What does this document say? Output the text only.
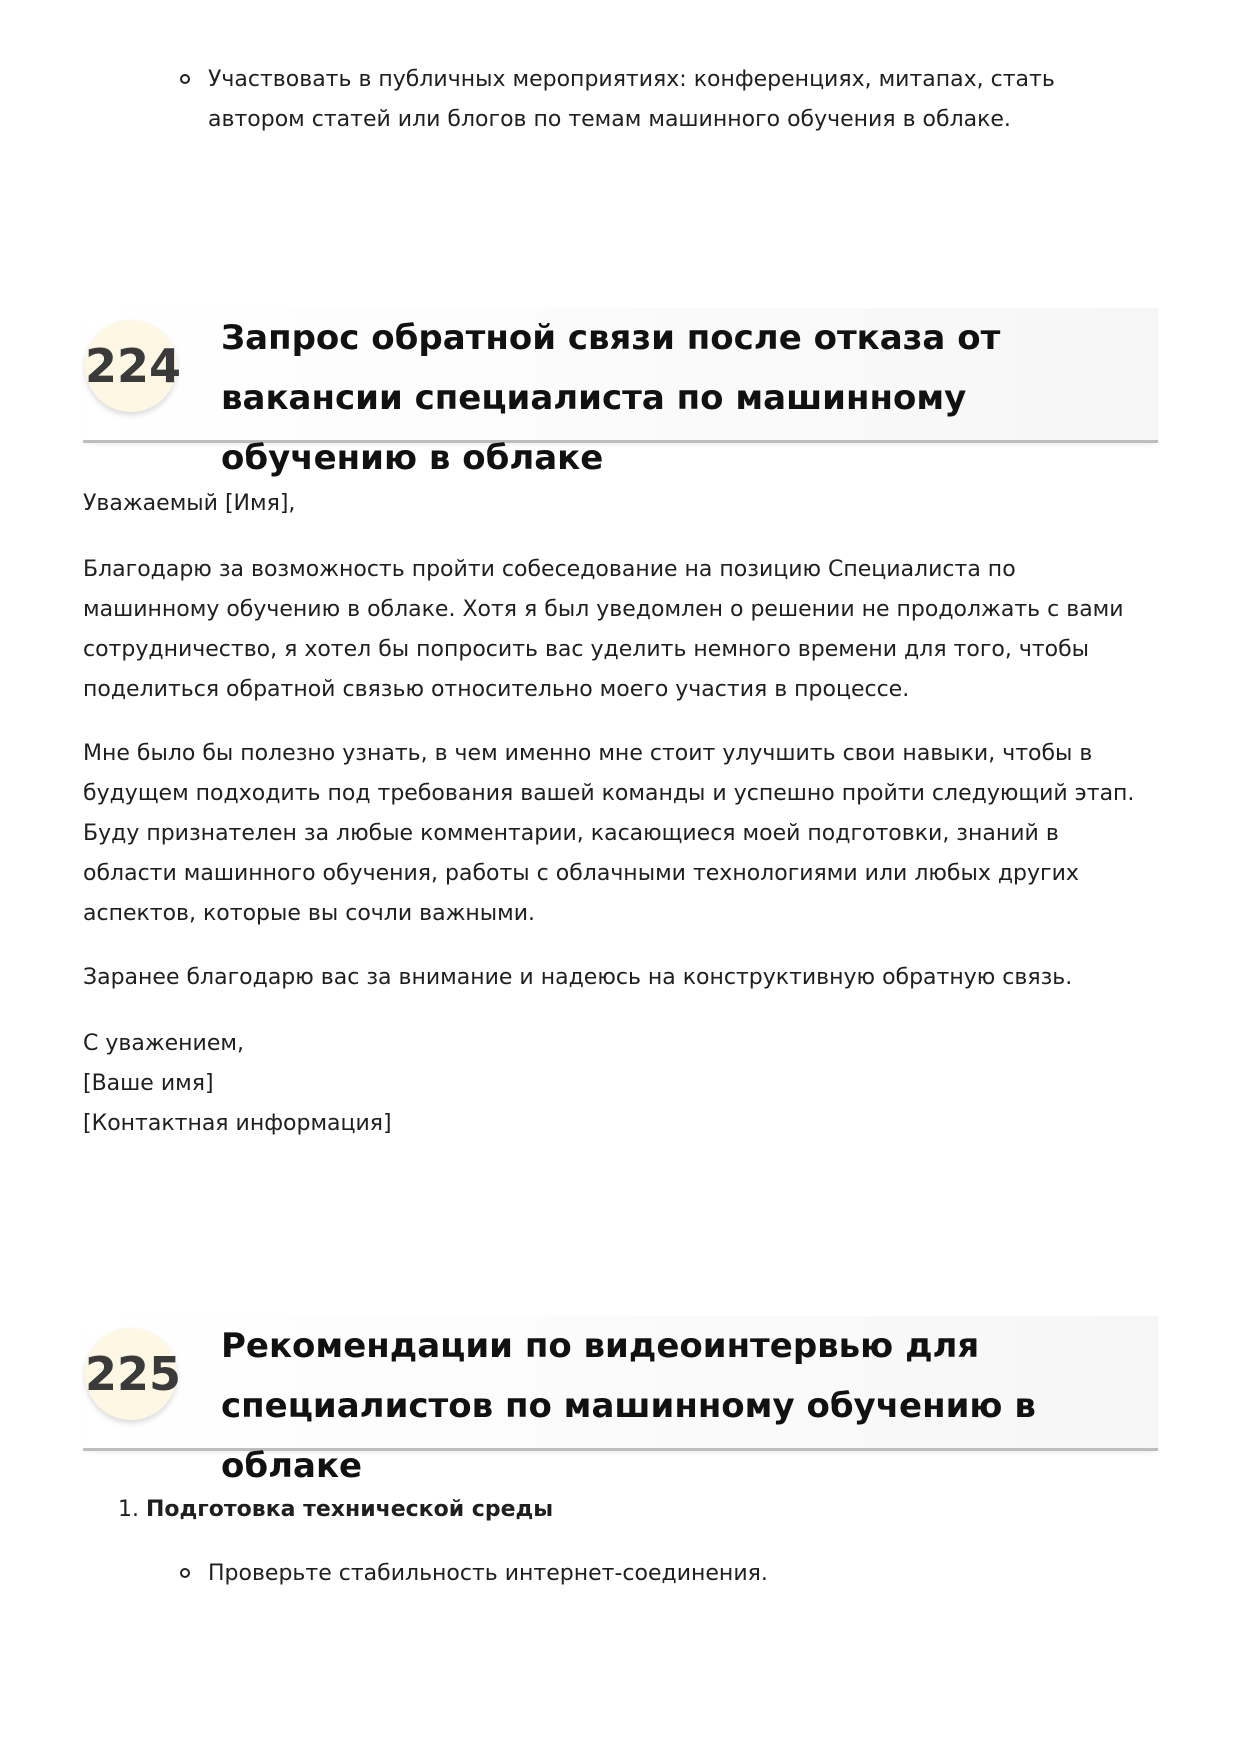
Участвовать в публичных мероприятиях: конференциях, митапах, стать автором статей или блогов по темам машинного обучения в облаке.
224
Запрос обратной связи после отказа от вакансии специалиста по машинному обучению в облаке

Уважаемый [Имя],

Благодарю за возможность пройти собеседование на позицию Специалиста по машинному обучению в облаке. Хотя я был уведомлен о решении не продолжать с вами сотрудничество, я хотел бы попросить вас уделить немного времени для того, чтобы поделиться обратной связью относительно моего участия в процессе.

Мне было бы полезно узнать, в чем именно мне стоит улучшить свои навыки, чтобы в будущем подходить под требования вашей команды и успешно пройти следующий этап. Буду признателен за любые комментарии, касающиеся моей подготовки, знаний в области машинного обучения, работы с облачными технологиями или любых других аспектов, которые вы сочли важными.

Заранее благодарю вас за внимание и надеюсь на конструктивную обратную связь.

С уважением,
[Ваше имя]
[Контактная информация]
225
Рекомендации по видеоинтервью для специалистов по машинному обучению в облаке
1. Подготовка технической среды
Проверьте стабильность интернет-соединения.
